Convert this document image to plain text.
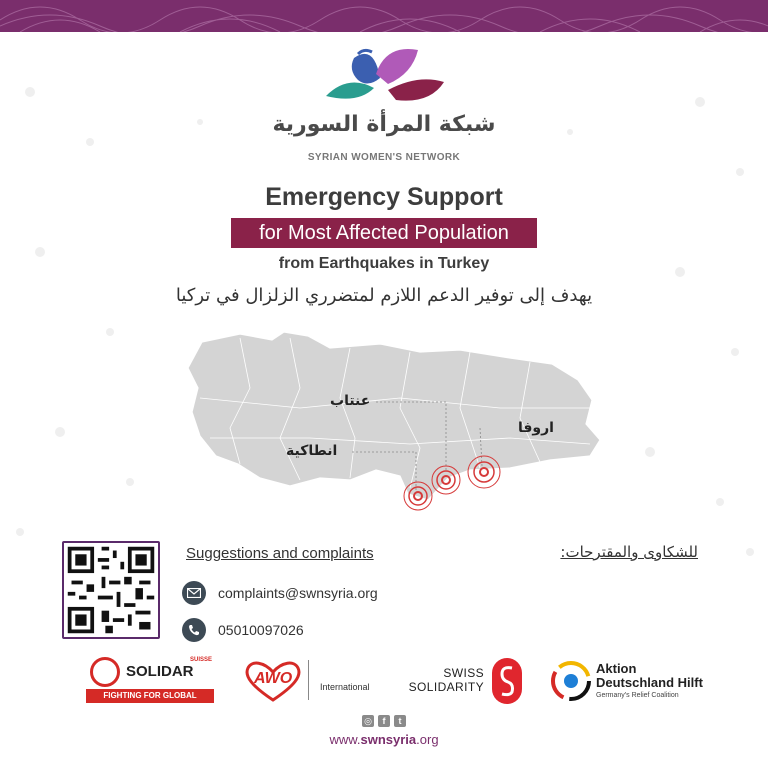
شبكة المرأة السورية
SYRIAN WOMEN'S NETWORK
Emergency Support
for Most Affected Population
from Earthquakes in Turkey
يهدف إلى توفير الدعم اللازم لمتضرري الزلزال في تركيا
عنتاب
اروفا
انطاكية
Suggestions and complaints	للشكاوى والمقترحات:
complaints@swnsyria.org
05010097026
SOLIDAR
SUISSE
FIGHTING FOR GLOBAL FAIRNESS
AWO	International
SWISS
SOLIDARITY
Aktion
Deutschland Hilft
Germany's Relief Coalition
◎	f	t
www.swnsyria.org
